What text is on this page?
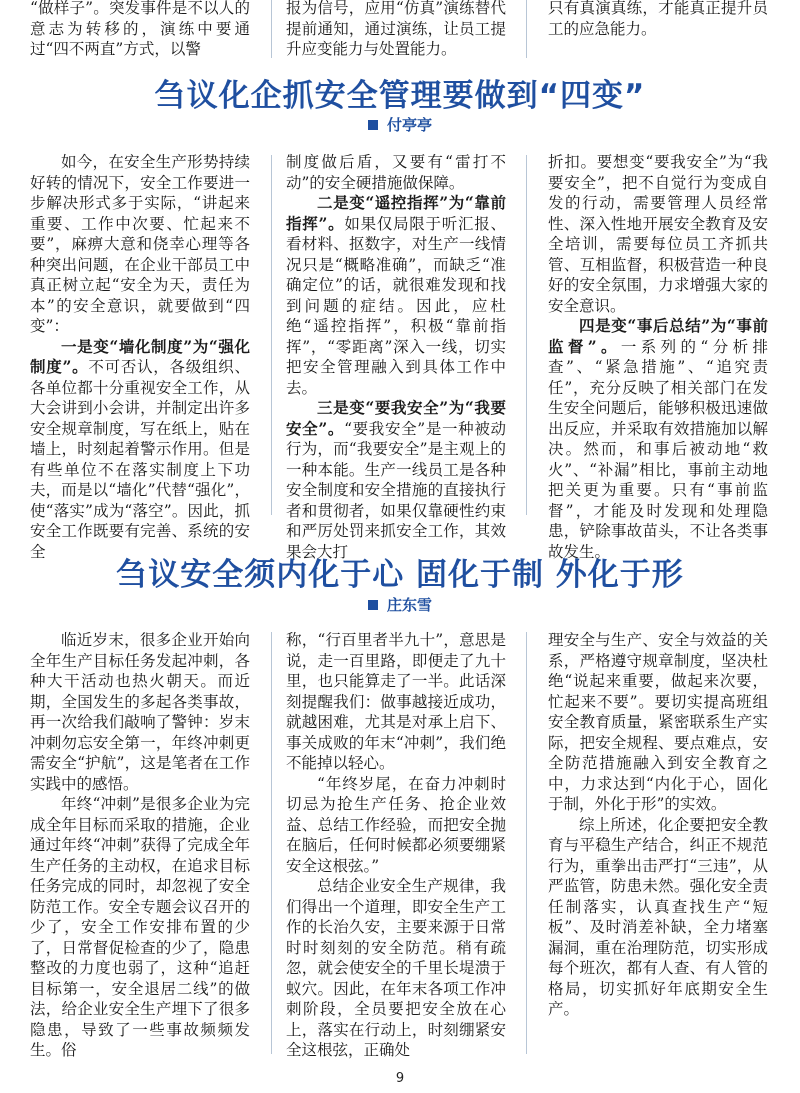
“做样子”。突发事件是不以人的意志为转移的，演练中要通过“四不两直”方式，以警

报为信号，应用“仿真”演练替代提前通知，通过演练，让员工提升应变能力与处置能力。

只有真演真练，才能真正提升员工的应急能力。

刍议化企抓安全管理要做到“四变”
付亭亭

如今，在安全生产形势持续好转的情况下，安全工作要进一步解决形式多于实际，“讲起来重要、工作中次要、忙起来不要”，麻痹大意和侥幸心理等各种突出问题，在企业干部员工中真正树立起“安全为天，责任为本”的安全意识，就要做到“四变”：

一是变“墙化制度”为“强化制度”。不可否认，各级组织、各单位都十分重视安全工作，从大会讲到小会讲，并制定出许多安全规章制度，写在纸上，贴在墙上，时刻起着警示作用。但是有些单位不在落实制度上下功夫，而是以“墙化”代替“强化”，使“落实”成为“落空”。因此，抓安全工作既要有完善、系统的安全

制度做后盾，又要有“雷打不动”的安全硬措施做保障。

二是变“遥控指挥”为“靠前指挥”。如果仅局限于听汇报、看材料、抠数字，对生产一线情况只是“概略准确”，而缺乏“准确定位”的话，就很难发现和找到问题的症结。因此，应杜绝“遥控指挥”，积极“靠前指挥”，“零距离”深入一线，切实把安全管理融入到具体工作中去。

三是变“要我安全”为“我要安全”。“要我安全”是一种被动行为，而“我要安全”是主观上的一种本能。生产一线员工是各种安全制度和安全措施的直接执行者和贯彻者，如果仅靠硬性约束和严厉处罚来抓安全工作，其效果会大打

折扣。要想变“要我安全”为“我要安全”，把不自觉行为变成自发的行动，需要管理人员经常性、深入性地开展安全教育及安全培训，需要每位员工齐抓共管、互相监督，积极营造一种良好的安全氛围，力求增强大家的安全意识。

四是变“事后总结”为“事前监督”。一系列的“分析排查”、“紧急措施”、“追究责任”，充分反映了相关部门在发生安全问题后，能够积极迅速做出反应，并采取有效措施加以解决。然而，和事后被动地“救火”、“补漏”相比，事前主动地把关更为重要。只有“事前监督”，才能及时发现和处理隐患，铲除事故苗头，不让各类事故发生。

刍议安全须内化于心 固化于制 外化于形
庄东雪

临近岁末，很多企业开始向全年生产目标任务发起冲刺，各种大干活动也热火朝天。而近期，全国发生的多起各类事故，再一次给我们敲响了警钟：岁末冲刺勿忘安全第一，年终冲刺更需安全“护航”，这是笔者在工作实践中的感悟。

年终“冲刺”是很多企业为完成全年目标而采取的措施，企业通过年终“冲刺”获得了完成全年生产任务的主动权，在追求目标任务完成的同时，却忽视了安全防范工作。安全专题会议召开的少了，安全工作安排布置的少了，日常督促检查的少了，隐患整改的力度也弱了，这种“追赶目标第一，安全退居二线”的做法，给企业安全生产埋下了很多隐患，导致了一些事故频频发生。俗

称，“行百里者半九十”，意思是说，走一百里路，即便走了九十里，也只能算走了一半。此话深刻提醒我们：做事越接近成功，就越困难，尤其是对承上启下、事关成败的年末“冲刺”，我们绝不能掉以轻心。

“年终岁尾，在奋力冲刺时切忌为抢生产任务、抢企业效益、总结工作经验，而把安全抛在脑后，任何时候都必须要绷紧安全这根弦。”

总结企业安全生产规律，我们得出一个道理，即安全生产工作的长治久安，主要来源于日常时时刻刻的安全防范。稍有疏忽，就会使安全的千里长堤溃于蚁穴。因此，在年末各项工作冲刺阶段，全员要把安全放在心上，落实在行动上，时刻绷紧安全这根弦，正确处

理安全与生产、安全与效益的关系，严格遵守规章制度，坚决杜绝“说起来重要，做起来次要，忙起来不要”。要切实提高班组安全教育质量，紧密联系生产实际，把安全规程、要点难点，安全防范措施融入到安全教育之中，力求达到“内化于心，固化于制，外化于形”的实效。

综上所述，化企要把安全教育与平稳生产结合，纠正不规范行为，重拳出击严打“三违”，从严监管，防患未然。强化安全责任制落实，认真查找生产“短板”、及时消差补缺，全力堵塞漏洞，重在治理防范，切实形成每个班次，都有人查、有人管的格局，切实抓好年底期安全生产。

9
